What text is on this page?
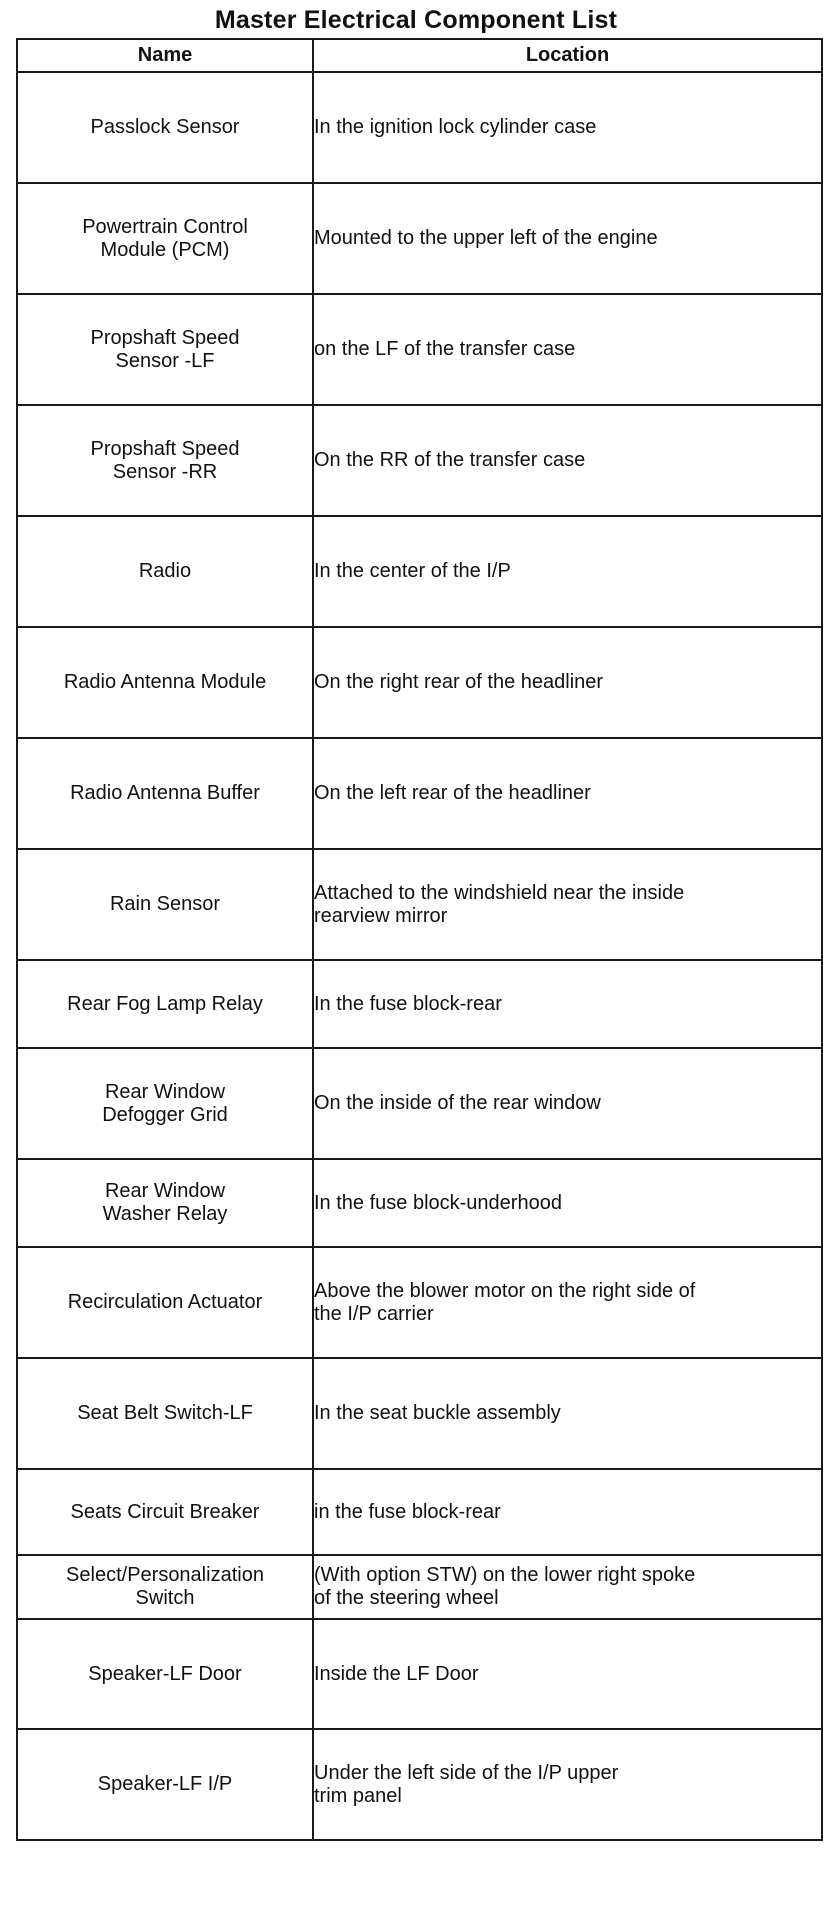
Master Electrical Component List
Name	Location
Passlock Sensor	In the ignition lock cylinder case
Powertrain Control
Module (PCM)	Mounted to the upper left of the engine
Propshaft Speed
Sensor -LF	on the LF of the transfer case
Propshaft Speed
Sensor -RR	On the RR of the transfer case
Radio	In the center of the I/P
Radio Antenna Module	On the right rear of the headliner
Radio Antenna Buffer	On the left rear of the headliner
Rain Sensor	Attached to the windshield near the inside
rearview mirror
Rear Fog Lamp Relay	In the fuse block-rear
Rear Window
Defogger Grid	On the inside of the rear window
Rear Window
Washer Relay	In the fuse block-underhood
Recirculation Actuator	Above the blower motor on the right side of
the I/P carrier
Seat Belt Switch-LF	In the seat buckle assembly
Seats Circuit Breaker	in the fuse block-rear
Select/Personalization
Switch	(With option STW) on the lower right spoke
of the steering wheel
Speaker-LF Door	Inside the LF Door
Speaker-LF I/P	Under the left side of the I/P upper
trim panel
